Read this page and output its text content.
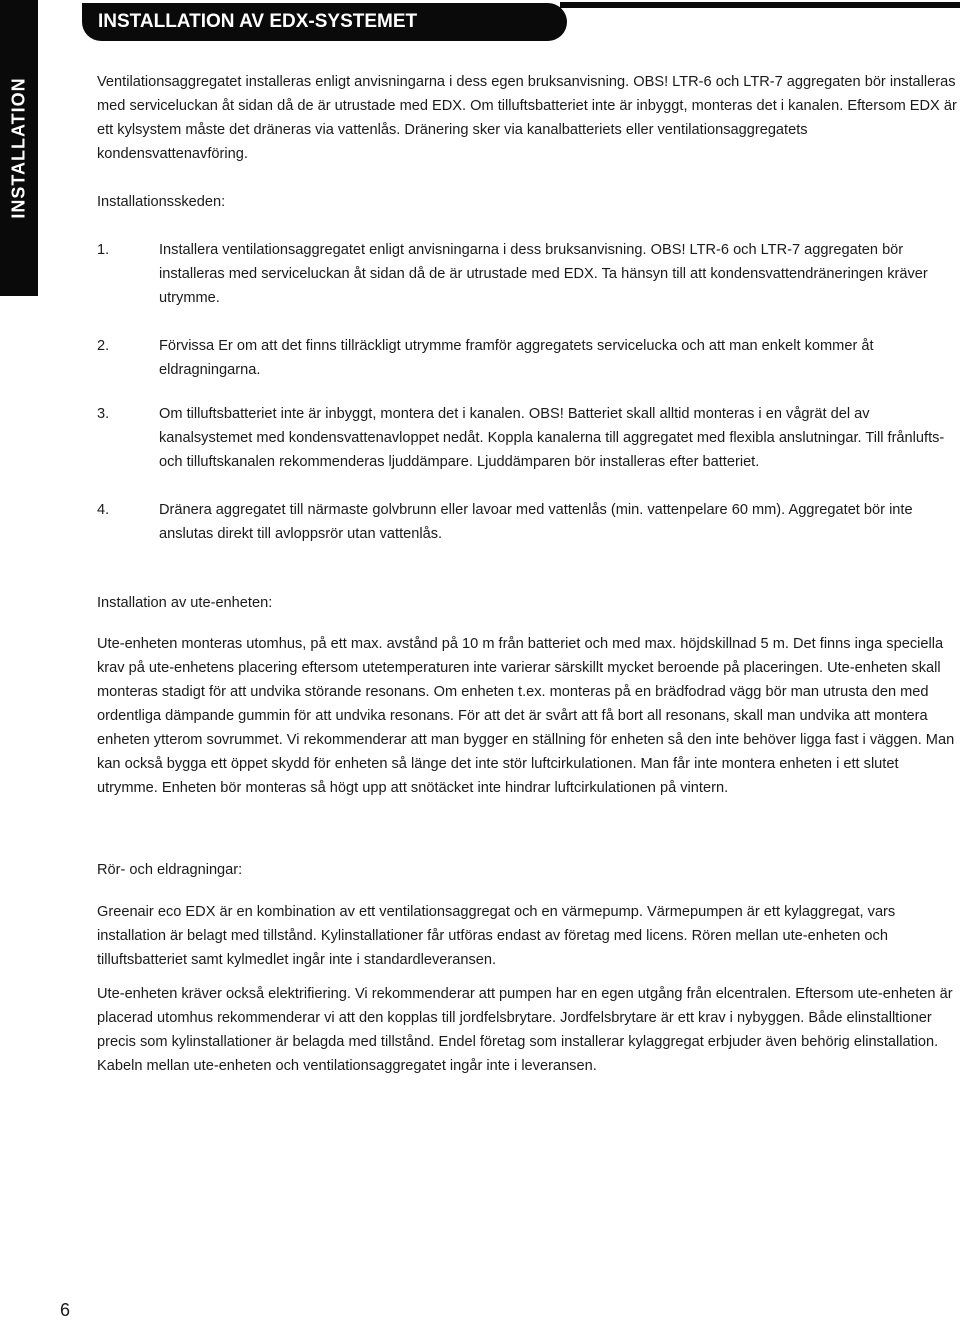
INSTALLATION
INSTALLATION AV EDX-SYSTEMET

Ventilationsaggregatet installeras enligt anvisningarna i dess egen bruksanvisning. OBS! LTR-6 och LTR-7 aggregaten bör installeras med serviceluckan åt sidan då de är utrustade med EDX. Om tilluftsbatteriet inte är inbyggt, monteras det i kanalen. Eftersom EDX är ett kylsystem måste det dräneras via vattenlås. Dränering sker via kanalbatteriets eller ventilationsaggregatets kondensvattenavföring.

Installationsskeden:

1.	Installera ventilationsaggregatet enligt anvisningarna i dess bruksanvisning. OBS! LTR-6 och LTR-7 aggregaten bör installeras med serviceluckan åt sidan då de är utrustade med EDX. Ta hänsyn till att kondensvattendräneringen kräver utrymme.
2.	Förvissa Er om att det finns tillräckligt utrymme framför aggregatets servicelucka och att man enkelt kommer åt eldragningarna.
3.	Om tilluftsbatteriet inte är inbyggt, montera det i kanalen. OBS! Batteriet skall alltid monteras i en vågrät del av kanalsystemet med kondensvattenavloppet nedåt. Koppla kanalerna till aggregatet med flexibla anslutningar. Till frånlufts- och tilluftskanalen rekommenderas ljuddämpare. Ljuddämparen bör installeras efter batteriet.
4.	Dränera aggregatet till närmaste golvbrunn eller lavoar med vattenlås (min. vattenpelare 60 mm). Aggregatet bör inte anslutas direkt till avloppsrör utan vattenlås.

Installation av ute-enheten:

Ute-enheten monteras utomhus, på ett max. avstånd på 10 m från batteriet och med max. höjdskillnad 5 m. Det finns inga speciella krav på ute-enhetens placering eftersom utetemperaturen inte varierar särskillt mycket beroende på placeringen. Ute-enheten skall monteras stadigt för att undvika störande resonans. Om enheten t.ex. monteras på en brädfodrad vägg bör man utrusta den med ordentliga dämpande gummin för att undvika resonans. För att det är svårt att få bort all resonans, skall man undvika att montera enheten ytterom sovrummet. Vi rekommenderar att man bygger en ställning för enheten så den inte behöver ligga fast i väggen. Man kan också bygga ett öppet skydd för enheten så länge det inte stör luftcirkulationen. Man får inte montera enheten i ett slutet utrymme. Enheten bör monteras så högt upp att snötäcket inte hindrar luftcirkulationen på vintern.

Rör- och eldragningar:

Greenair eco EDX är en kombination av ett ventilationsaggregat och en värmepump. Värmepumpen är ett kylaggregat, vars installation är belagt med tillstånd. Kylinstallationer får utföras endast av företag med licens. Rören mellan ute-enheten och tilluftsbatteriet samt kylmedlet ingår inte i standardleveransen.

Ute-enheten kräver också elektrifiering. Vi rekommenderar att pumpen har en egen utgång från elcentralen. Eftersom ute-enheten är placerad utomhus rekommenderar vi att den kopplas till jordfelsbrytare. Jordfelsbrytare är ett krav i nybyggen. Både elinstalltioner precis som kylinstallationer är belagda med tillstånd. Endel företag som installerar kylaggregat erbjuder även behörig elinstallation. Kabeln mellan ute-enheten och ventilationsaggregatet ingår inte i leveransen.

6
